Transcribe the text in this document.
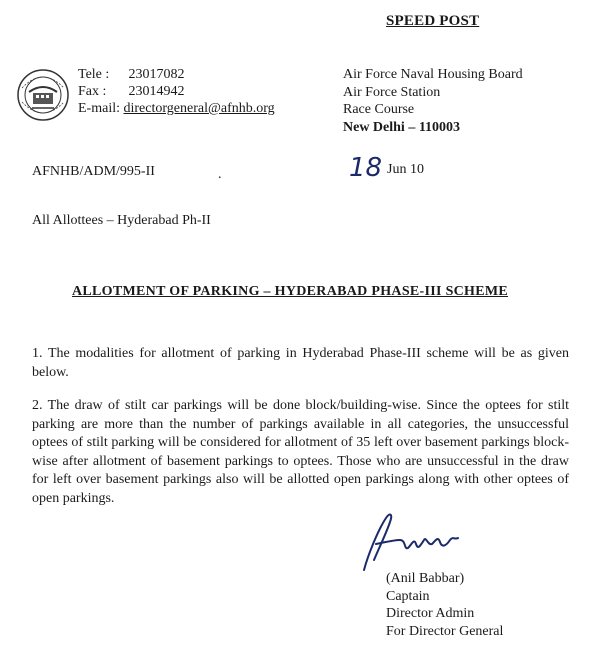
SPEED POST
Tele : 23017082
Fax : 23014942
E-mail: directorgeneral@afnhb.org
Air Force Naval Housing Board
Air Force Station
Race Course
New Delhi – 110003
AFNHB/ADM/995-II	.	18 Jun 10
All Allottees – Hyderabad Ph-II
ALLOTMENT OF PARKING – HYDERABAD PHASE-III SCHEME
1. The modalities for allotment of parking in Hyderabad Phase-III scheme will be as given below.
2. The draw of stilt car parkings will be done block/building-wise. Since the optees for stilt parking are more than the number of parkings available in all categories, the unsuccessful optees of stilt parking will be considered for allotment of 35 left over basement parkings block-wise after allotment of basement parkings to optees. Those who are unsuccessful in the draw for left over basement parkings also will be allotted open parkings along with other optees of open parkings.
(Anil Babbar)
Captain
Director Admin
For Director General
